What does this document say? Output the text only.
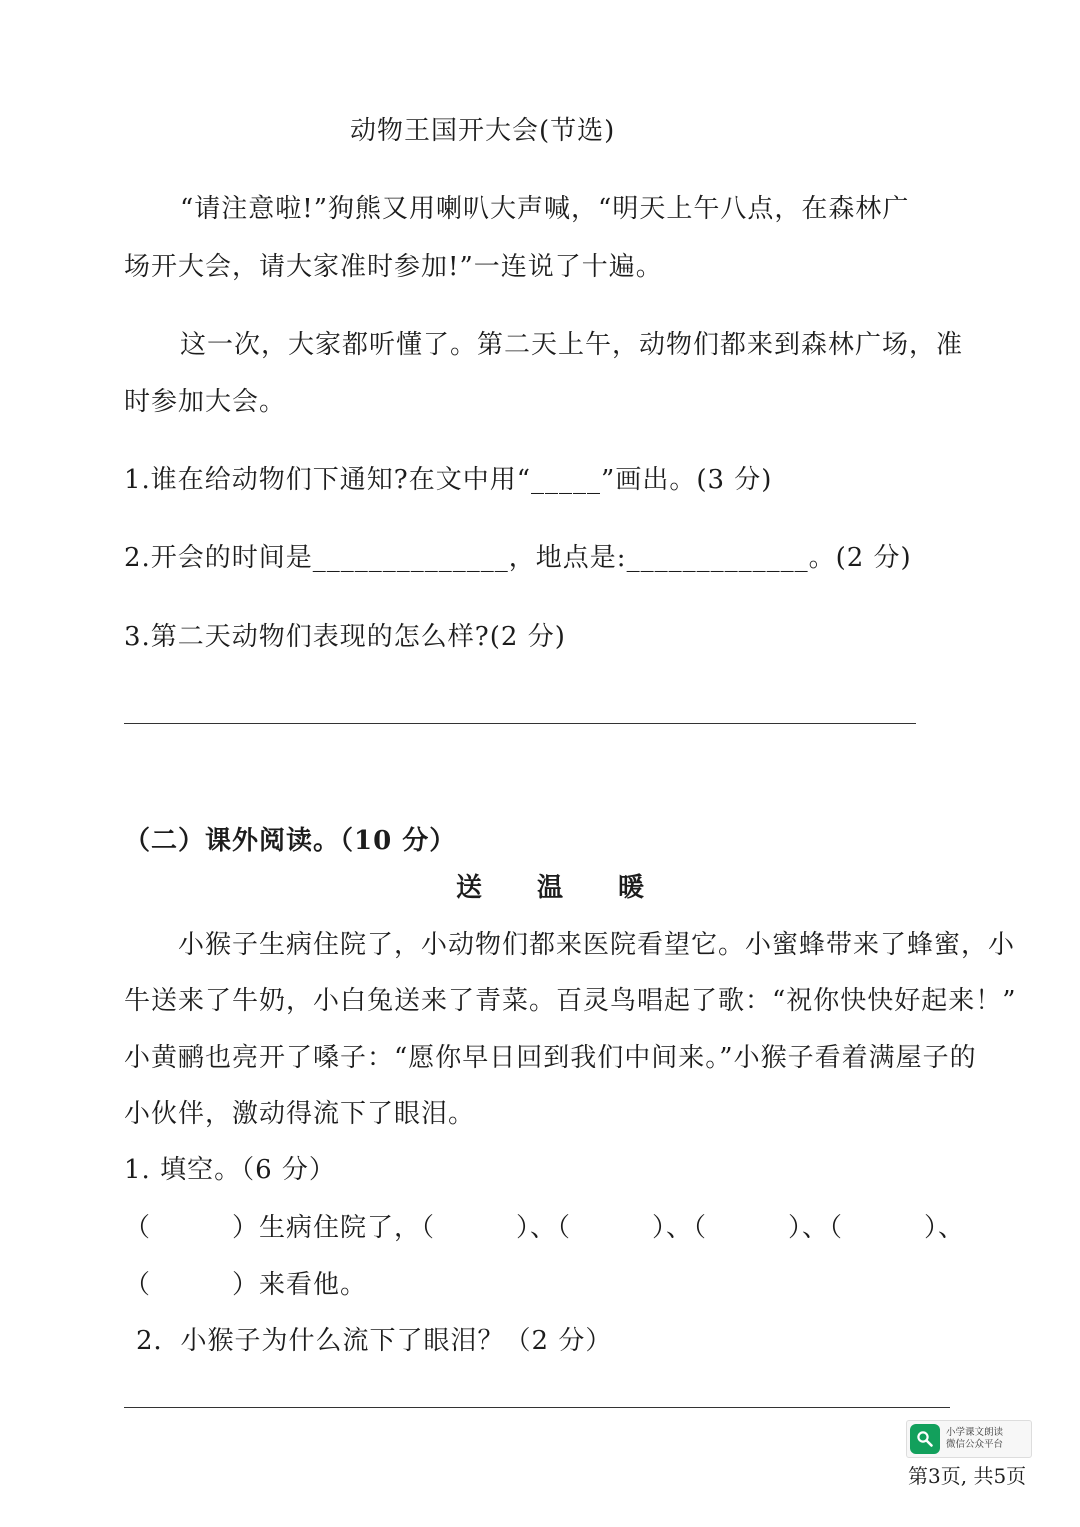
动物王国开大会(节选)
“请注意啦!”狗熊又用喇叭大声喊，“明天上午八点，在森林广
场开大会，请大家准时参加!”一连说了十遍。
这一次，大家都听懂了。第二天上午，动物们都来到森林广场，准
时参加大会。
1.谁在给动物们下通知?在文中用“_____”画出。(3 分)
2.开会的时间是______________，地点是:_____________。(2 分)
3.第二天动物们表现的怎么样?(2 分)
（二）课外阅读。（10 分）
送　　温　　暖
小猴子生病住院了，小动物们都来医院看望它。小蜜蜂带来了蜂蜜，小
牛送来了牛奶，小白兔送来了青菜。百灵鸟唱起了歌：“祝你快快好起来！”
小黄鹂也亮开了嗓子：“愿你早日回到我们中间来。”小猴子看着满屋子的
小伙伴，激动得流下了眼泪。
1. 填空。（6 分）
（　　　）生病住院了，（　　　）、（　　　）、（　　　）、（　　　）、
（　　　）来看他。
2．小猴子为什么流下了眼泪？（2 分）
小学课文朗读
微信公众平台
第3页, 共5页
